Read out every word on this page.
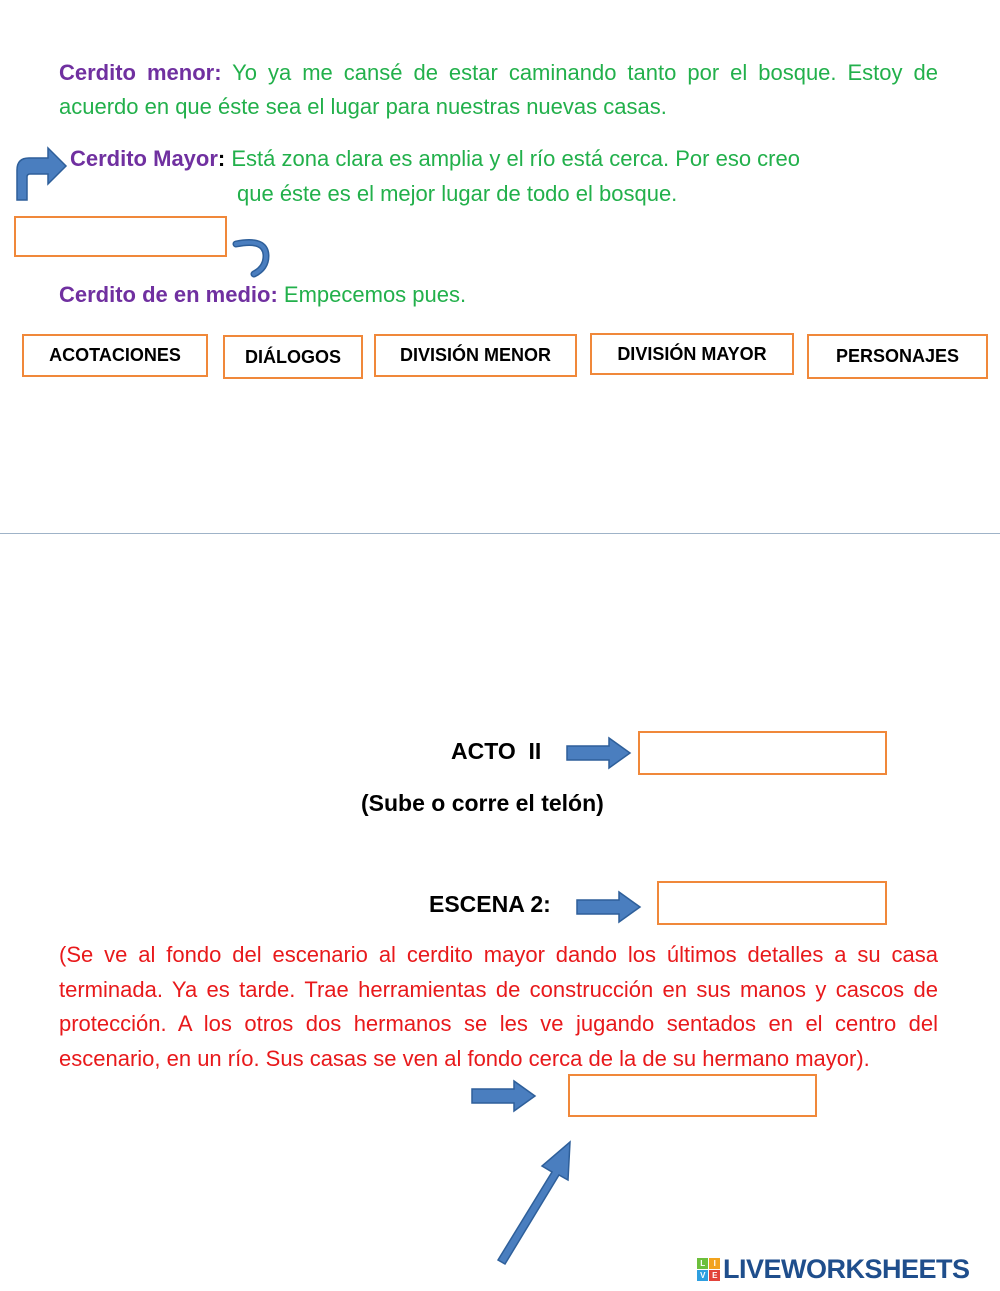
Cerdito menor: Yo ya me cansé de estar caminando tanto por el bosque. Estoy de acuerdo en que éste sea el lugar para nuestras nuevas casas.
Cerdito Mayor: Está zona clara es amplia y el río está cerca. Por eso creo
que éste es el mejor lugar de todo el bosque.
Cerdito de en medio: Empecemos pues.
ACOTACIONES	DIÁLOGOS	DIVISIÓN MENOR	DIVISIÓN MAYOR	PERSONAJES
ACTO  II
(Sube o corre el telón)
ESCENA 2:
(Se ve al fondo del escenario al cerdito mayor dando los últimos detalles a su casa terminada. Ya es tarde. Trae herramientas de construcción en sus manos y cascos de protección. A los otros dos hermanos se les ve jugando sentados en el centro del escenario, en un río. Sus casas se ven al fondo cerca de la de su hermano mayor).
L	I
V E LIVEWORKSHEETS
